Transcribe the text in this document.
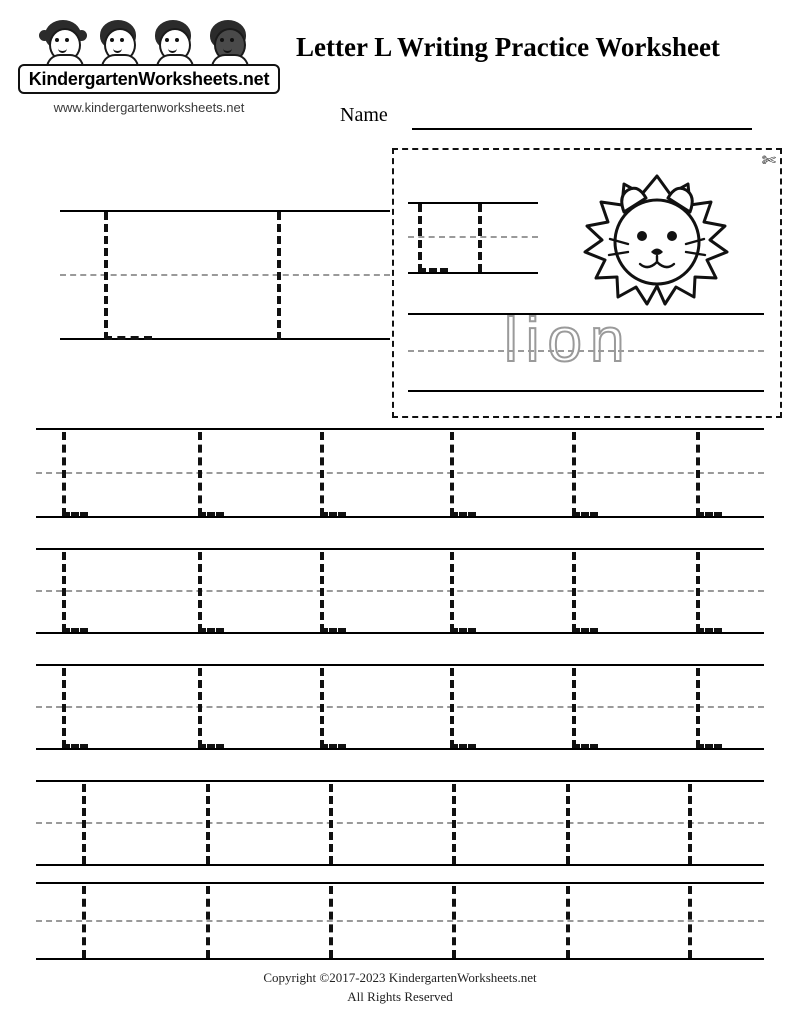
KindergartenWorksheets.net
www.kindergartenworksheets.net
Letter L Writing Practice Worksheet
Name
✄
lion
Copyright ©2017-2023 KindergartenWorksheets.net
All Rights Reserved
